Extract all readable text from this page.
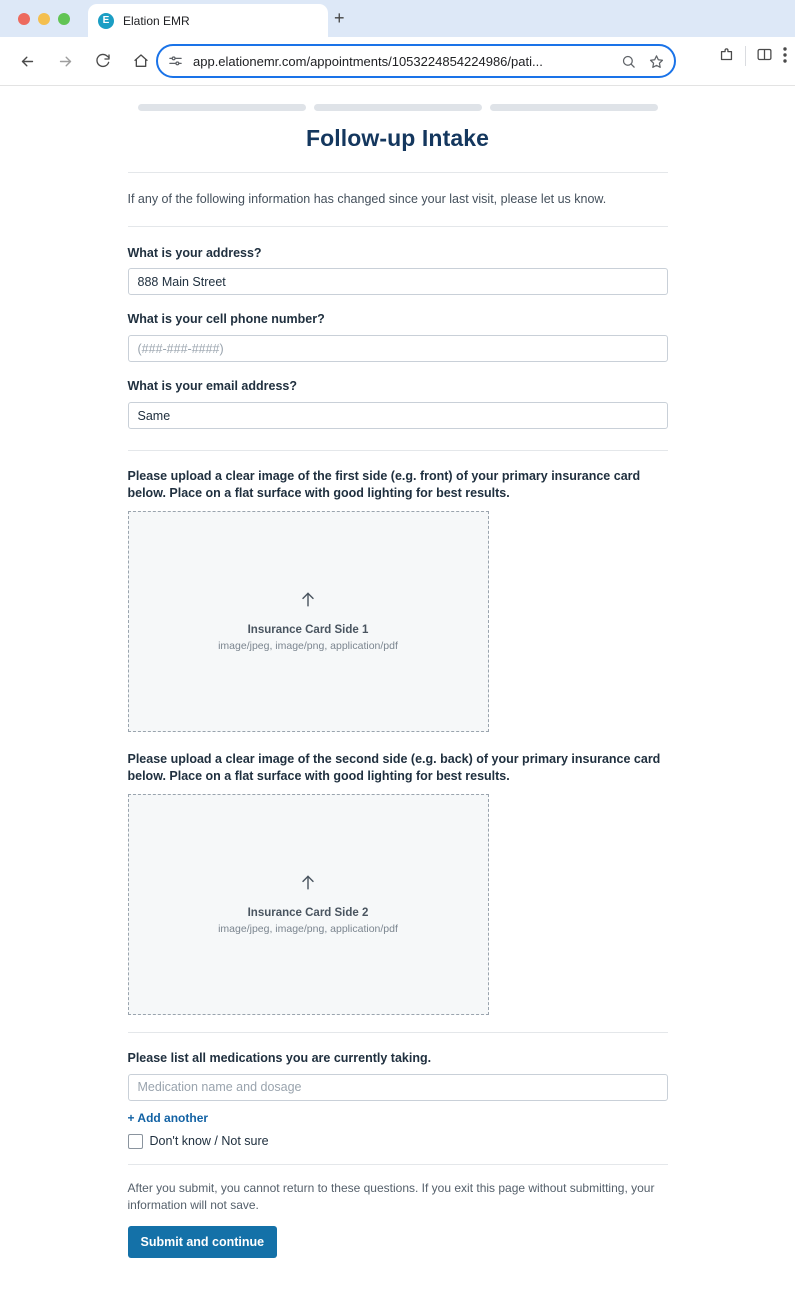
E	Elation EMR	+
app.elationemr.com/appointments/1053224854224986/pati...
Follow-up Intake
If any of the following information has changed since your last visit, please let us know.
What is your address?
888 Main Street
What is your cell phone number?
(###-###-####)
What is your email address?
Same
Please upload a clear image of the first side (e.g. front) of your primary insurance card below. Place on a flat surface with good lighting for best results.
Insurance Card Side 1
image/jpeg, image/png, application/pdf
Please upload a clear image of the second side (e.g. back) of your primary insurance card below. Place on a flat surface with good lighting for best results.
Insurance Card Side 2
image/jpeg, image/png, application/pdf
Please list all medications you are currently taking.
Medication name and dosage
+ Add another
Don't know / Not sure
After you submit, you cannot return to these questions. If you exit this page without submitting, your information will not save.
Submit and continue
